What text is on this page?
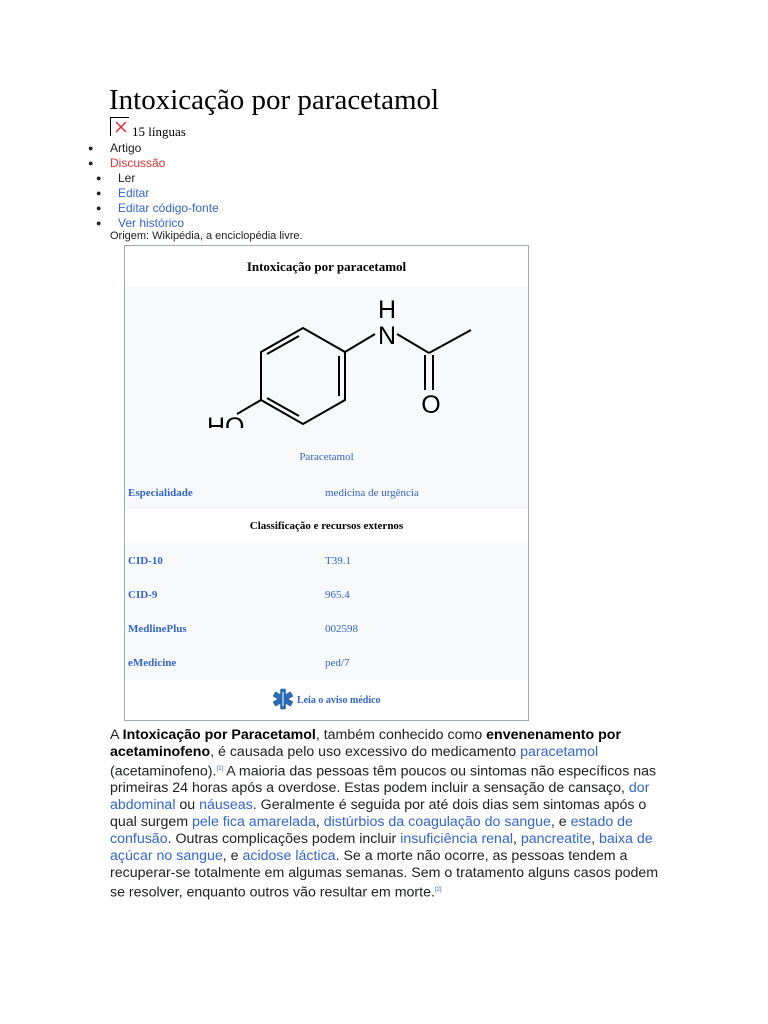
Intoxicação por paracetamol
15 línguas
● Artigo
● Discussão
● Ler
● Editar
● Editar código-fonte
● Ver histórico
Origem: Wikipédia, a enciclopédia livre.
Intoxicação por paracetamol
H
N
O
HO
Paracetamol
Especialidade	medicina de urgência
Classificação e recursos externos
CID-10	T39.1
CID-9	965.4
MedlinePlus	002598
eMedicine	ped/7
Leia o aviso médico

A Intoxicação por Paracetamol, também conhecido como envenenamento por acetaminofeno, é causada pelo uso excessivo do medicamento paracetamol (acetaminofeno).[1] A maioria das pessoas têm poucos ou sintomas não específicos nas primeiras 24 horas após a overdose. Estas podem incluir a sensação de cansaço, dor abdominal ou náuseas. Geralmente é seguida por até dois dias sem sintomas após o qual surgem pele fica amarelada, distúrbios da coagulação do sangue, e estado de confusão. Outras complicações podem incluir insuficiência renal, pancreatite, baixa de açúcar no sangue, e acidose láctica. Se a morte não ocorre, as pessoas tendem a recuperar-se totalmente em algumas semanas. Sem o tratamento alguns casos podem se resolver, enquanto outros vão resultar em morte.[2]
